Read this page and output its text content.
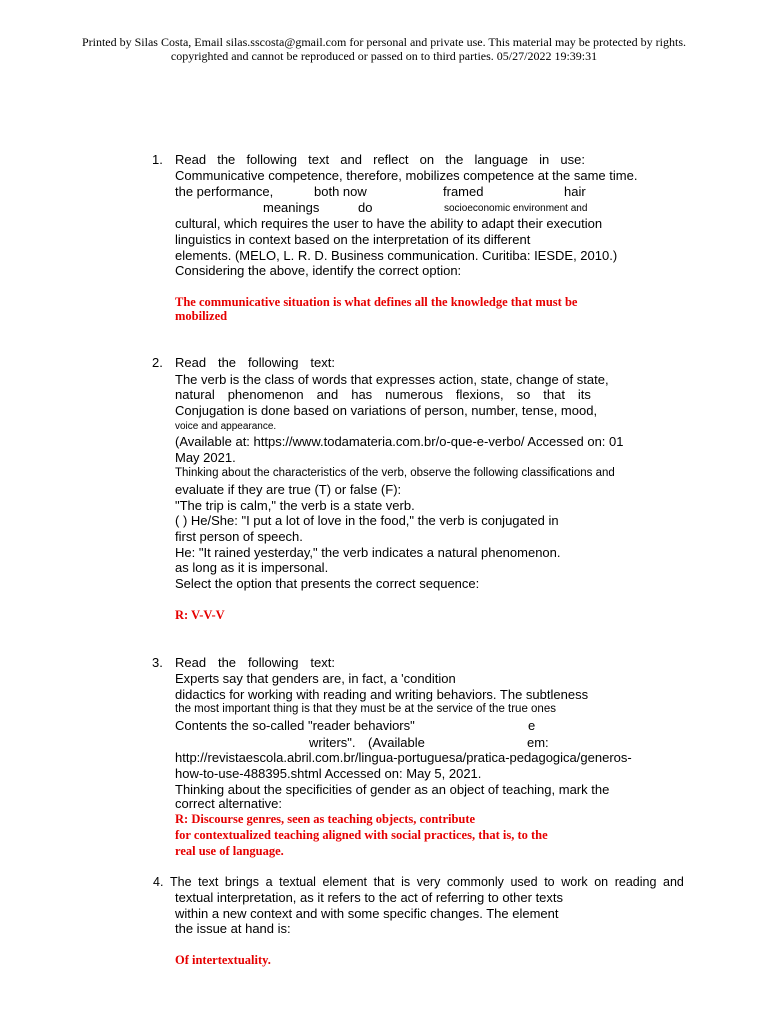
Printed by Silas Costa, Email silas.sscosta@gmail.com for personal and private use. This material may be protected by rights.
copyrighted and cannot be reproduced or passed on to third parties. 05/27/2022 19:39:31
1. Read the following text and reflect on the language in use:
Communicative competence, therefore, mobilizes competence at the same time.
the performance,	both now	framed	hair
meanings	do	socioeconomic environment and
cultural, which requires the user to have the ability to adapt their execution
linguistics in context based on the interpretation of its different
elements. (MELO, L. R. D. Business communication. Curitiba: IESDE, 2010.)
Considering the above, identify the correct option:
The communicative situation is what defines all the knowledge that must be
mobilized
2. Read the following text:
The verb is the class of words that expresses action, state, change of state,
natural phenomenon and has numerous flexions, so that its
Conjugation is done based on variations of person, number, tense, mood,
voice and appearance.
(Available at: https://www.todamateria.com.br/o-que-e-verbo/ Accessed on: 01
May 2021.
Thinking about the characteristics of the verb, observe the following classifications and
evaluate if they are true (T) or false (F):
"The trip is calm," the verb is a state verb.
( ) He/She: "I put a lot of love in the food," the verb is conjugated in
first person of speech.
He: "It rained yesterday," the verb indicates a natural phenomenon.
as long as it is impersonal.
Select the option that presents the correct sequence:
R: V-V-V
3. Read the following text:
Experts say that genders are, in fact, a 'condition
didactics for working with reading and writing behaviors. The subtleness
the most important thing is that they must be at the service of the true ones
Contents the so-called "reader behaviors"	e
writers". (Available	em:
http://revistaescola.abril.com.br/lingua-portuguesa/pratica-pedagogica/generos-
how-to-use-488395.shtml Accessed on: May 5, 2021.
Thinking about the specificities of gender as an object of teaching, mark the
correct alternative:
R: Discourse genres, seen as teaching objects, contribute
for contextualized teaching aligned with social practices, that is, to the
real use of language.
4. The text brings a textual element that is very commonly used to work on reading and
textual interpretation, as it refers to the act of referring to other texts
within a new context and with some specific changes. The element
the issue at hand is:
Of intertextuality.
